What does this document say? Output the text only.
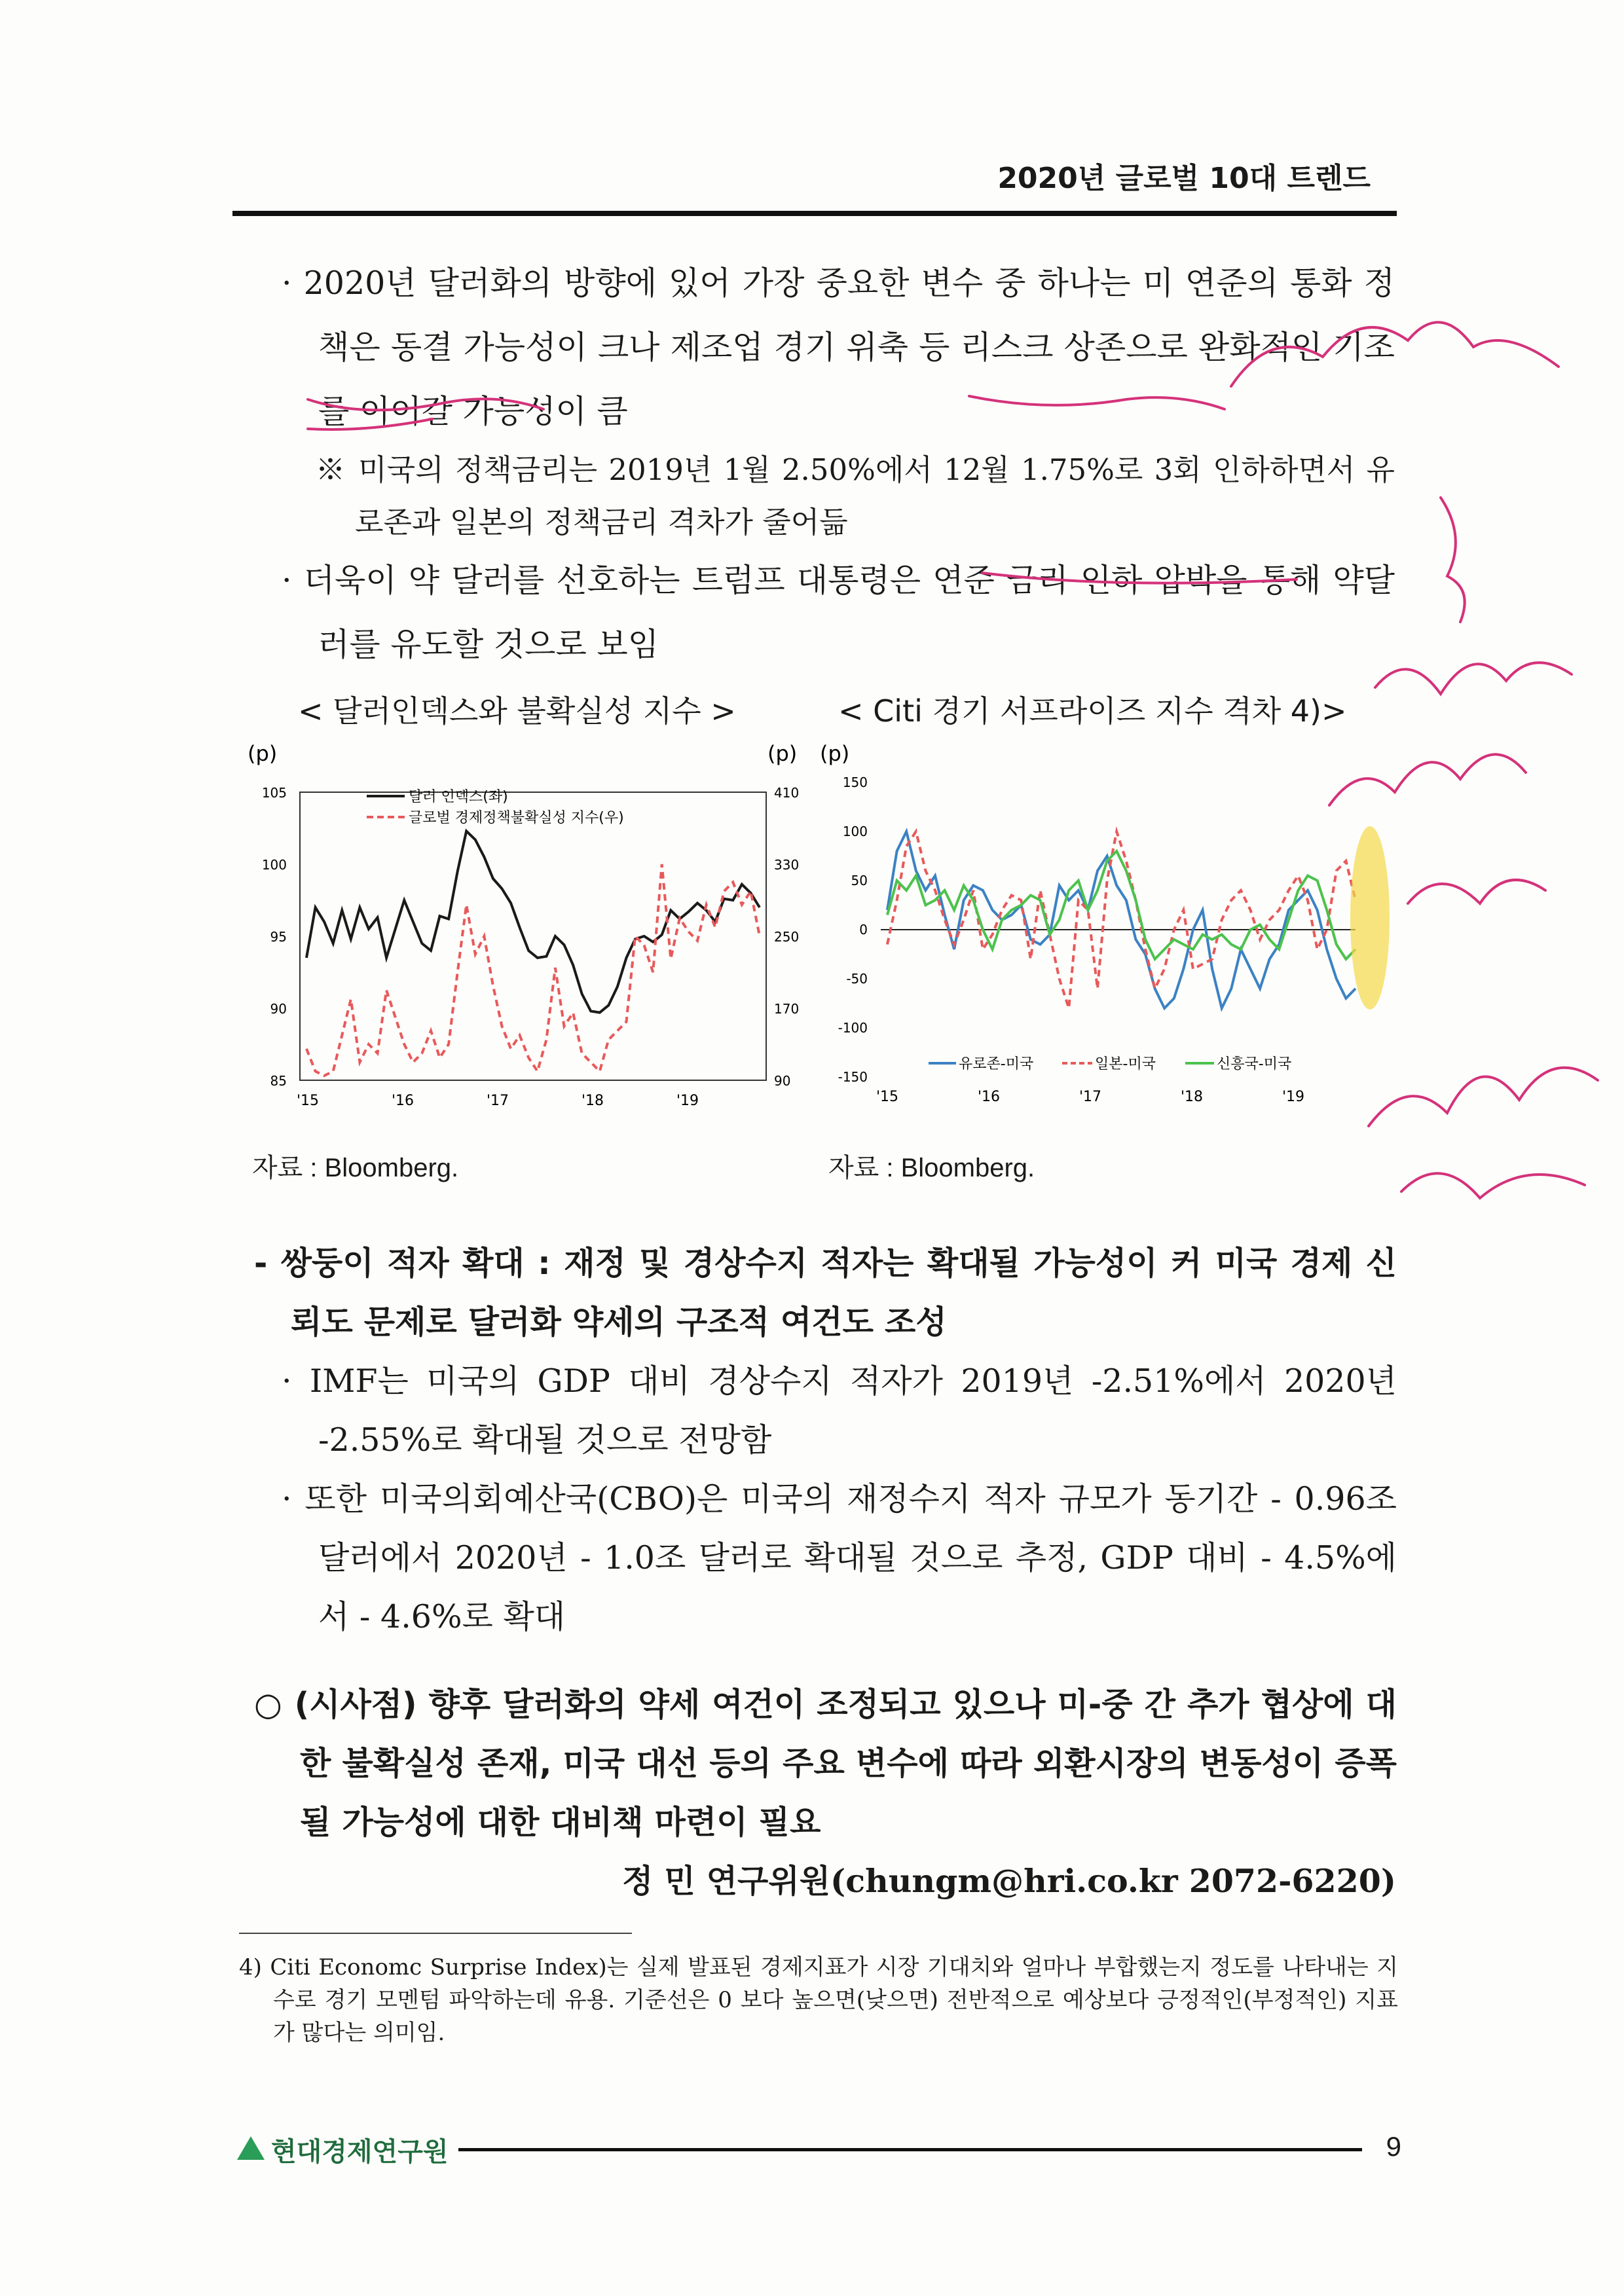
2020년 글로벌 10대 트렌드

· 2020년 달러화의 방향에 있어 가장 중요한 변수 중 하나는 미 연준의 통화 정책은 동결 가능성이 크나 제조업 경기 위축 등 리스크 상존으로 완화적인 기조를 이어갈 가능성이 큼

※ 미국의 정책금리는 2019년 1월 2.50%에서 12월 1.75%로 3회 인하하면서 유로존과 일본의 정책금리 격차가 줄어듦

· 더욱이 약 달러를 선호하는 트럼프 대통령은 연준 금리 인하 압박을 통해 약달러를 유도할 것으로 보임

< 달러인덱스와 불확실성 지수 >	< Citi 경기 서프라이즈 지수 격차 4)>
(p)	(p)
105
100
95
90
85
410
330
250
170
90
'15	'16	'17	'18	'19
달러 인덱스(좌)
글로벌 경제정책불확실성 지수(우)
(p)
150
100
50
0
-50
-100
-150
'15	'16	'17	'18	'19
유로존-미국	일본-미국	신흥국-미국
자료 : Bloomberg.	자료 : Bloomberg.

- 쌍둥이 적자 확대 : 재정 및 경상수지 적자는 확대될 가능성이 커 미국 경제 신뢰도 문제로 달러화 약세의 구조적 여건도 조성

· IMF는 미국의 GDP 대비 경상수지 적자가 2019년 -2.51%에서 2020년 -2.55%로 확대될 것으로 전망함

· 또한 미국의회예산국(CBO)은 미국의 재정수지 적자 규모가 동기간 - 0.96조 달러에서 2020년 - 1.0조 달러로 확대될 것으로 추정, GDP 대비 - 4.5%에서 - 4.6%로 확대

○ (시사점) 향후 달러화의 약세 여건이 조정되고 있으나 미-중 간 추가 협상에 대한 불확실성 존재, 미국 대선 등의 주요 변수에 따라 외환시장의 변동성이 증폭될 가능성에 대한 대비책 마련이 필요

정 민 연구위원(chungm@hri.co.kr 2072-6220)

4) Citi Economc Surprise Index)는 실제 발표된 경제지표가 시장 기대치와 얼마나 부합했는지 정도를 나타내는 지수로 경기 모멘텀 파악하는데 유용. 기준선은 0 보다 높으면(낮으면) 전반적으로 예상보다 긍정적인(부정적인) 지표가 많다는 의미임.

현대경제연구원	9
